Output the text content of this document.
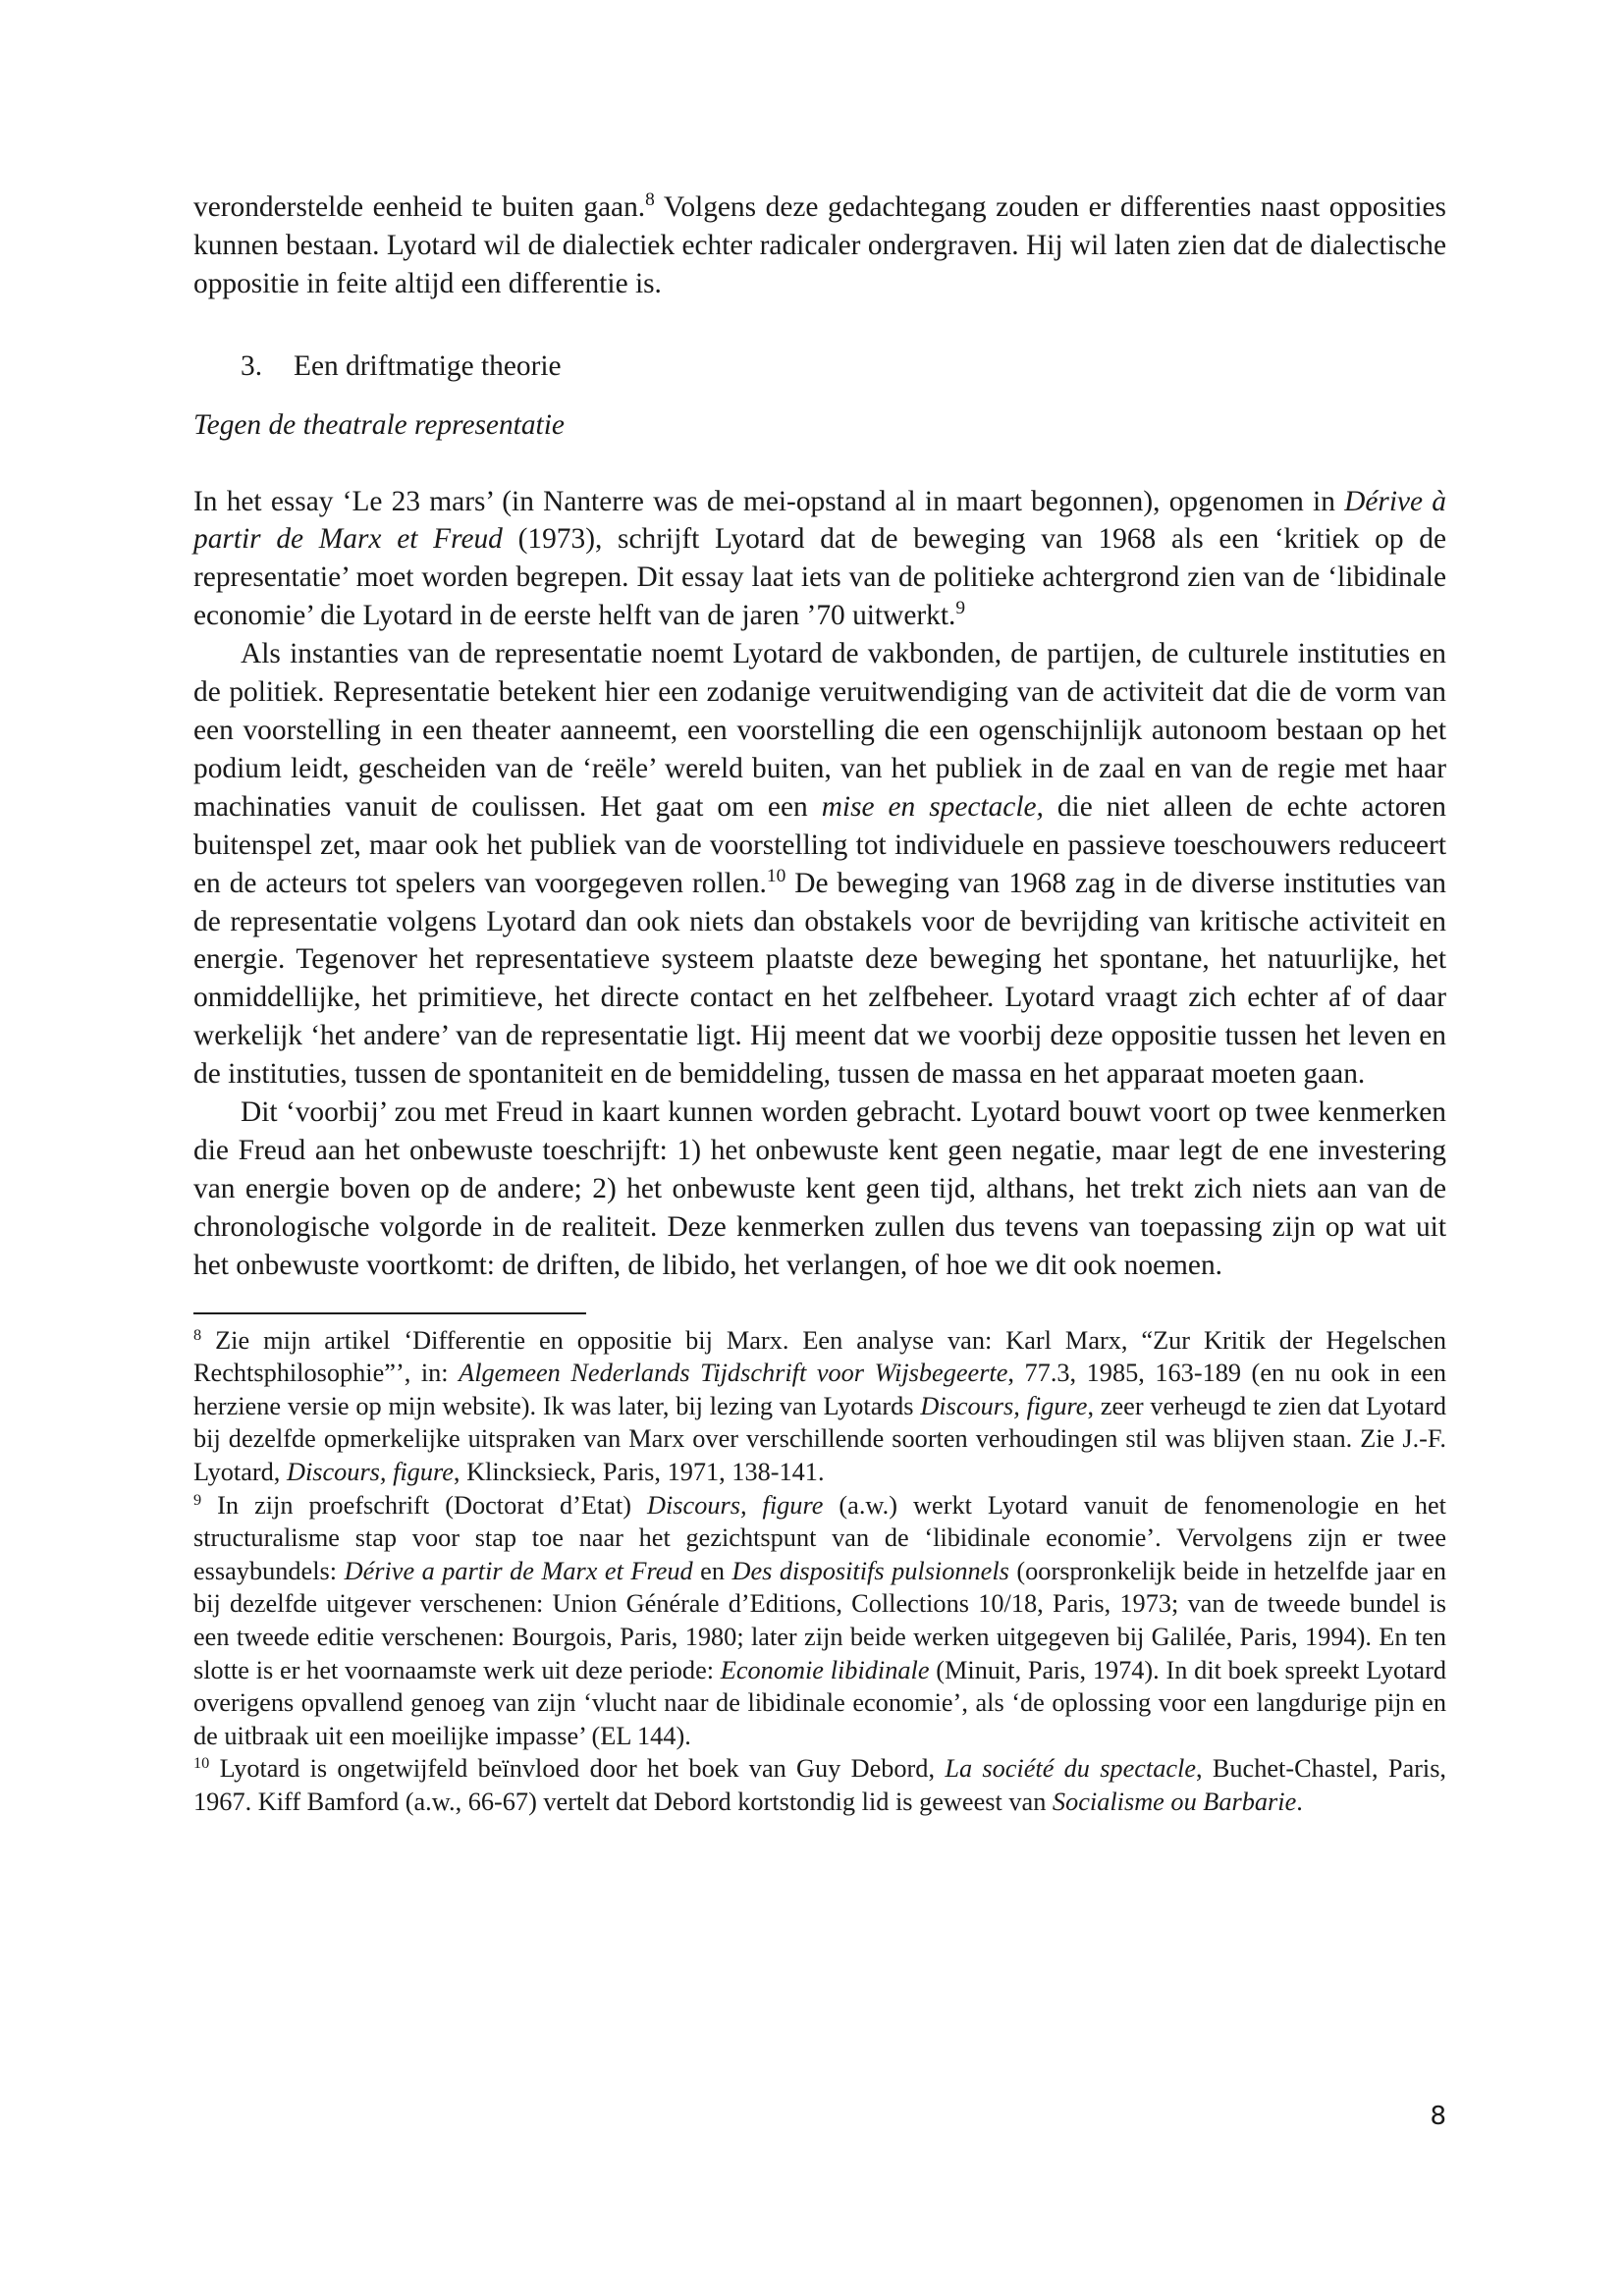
veronderstelde eenheid te buiten gaan.$^8$ Volgens deze gedachtegang zouden er differenties naast opposities kunnen bestaan. Lyotard wil de dialectiek echter radicaler ondergraven. Hij wil laten zien dat de dialectische oppositie in feite altijd een differentie is.

3. Een driftmatige theorie
Tegen de theatrale representatie

In het essay ‘Le 23 mars’ (in Nanterre was de mei-opstand al in maart begonnen), opgenomen in Dérive à partir de Marx et Freud (1973), schrijft Lyotard dat de beweging van 1968 als een ‘kritiek op de representatie’ moet worden begrepen. Dit essay laat iets van de politieke achtergrond zien van de ‘libidinale economie’ die Lyotard in de eerste helft van de jaren ’70 uitwerkt.$^9$

Als instanties van de representatie noemt Lyotard de vakbonden, de partijen, de culturele instituties en de politiek. Representatie betekent hier een zodanige veruitwendiging van de activiteit dat die de vorm van een voorstelling in een theater aanneemt, een voorstelling die een ogenschijnlijk autonoom bestaan op het podium leidt, gescheiden van de ‘reële’ wereld buiten, van het publiek in de zaal en van de regie met haar machinaties vanuit de coulissen. Het gaat om een mise en spectacle, die niet alleen de echte actoren buitenspel zet, maar ook het publiek van de voorstelling tot individuele en passieve toeschouwers reduceert en de acteurs tot spelers van voorgegeven rollen.$^{10}$ De beweging van 1968 zag in de diverse instituties van de representatie volgens Lyotard dan ook niets dan obstakels voor de bevrijding van kritische activiteit en energie. Tegenover het representatieve systeem plaatste deze beweging het spontane, het natuurlijke, het onmiddellijke, het primitieve, het directe contact en het zelfbeheer. Lyotard vraagt zich echter af of daar werkelijk ‘het andere’ van de representatie ligt. Hij meent dat we voorbij deze oppositie tussen het leven en de instituties, tussen de spontaniteit en de bemiddeling, tussen de massa en het apparaat moeten gaan.

Dit ‘voorbij’ zou met Freud in kaart kunnen worden gebracht. Lyotard bouwt voort op twee kenmerken die Freud aan het onbewuste toeschrijft: 1) het onbewuste kent geen negatie, maar legt de ene investering van energie boven op de andere; 2) het onbewuste kent geen tijd, althans, het trekt zich niets aan van de chronologische volgorde in de realiteit. Deze kenmerken zullen dus tevens van toepassing zijn op wat uit het onbewuste voortkomt: de driften, de libido, het verlangen, of hoe we dit ook noemen.

$^8$ Zie mijn artikel ‘Differentie en oppositie bij Marx. Een analyse van: Karl Marx, “Zur Kritik der Hegelschen Rechtsphilosophie”’, in: Algemeen Nederlands Tijdschrift voor Wijsbegeerte, 77.3, 1985, 163-189 (en nu ook in een herziene versie op mijn website). Ik was later, bij lezing van Lyotards Discours, figure, zeer verheugd te zien dat Lyotard bij dezelfde opmerkelijke uitspraken van Marx over verschillende soorten verhoudingen stil was blijven staan. Zie J.-F. Lyotard, Discours, figure, Klincksieck, Paris, 1971, 138-141.

$^9$ In zijn proefschrift (Doctorat d’Etat) Discours, figure (a.w.) werkt Lyotard vanuit de fenomenologie en het structuralisme stap voor stap toe naar het gezichtspunt van de ‘libidinale economie’. Vervolgens zijn er twee essaybundels: Dérive a partir de Marx et Freud en Des dispositifs pulsionnels (oorspronkelijk beide in hetzelfde jaar en bij dezelfde uitgever verschenen: Union Générale d’Editions, Collections 10/18, Paris, 1973; van de tweede bundel is een tweede editie verschenen: Bourgois, Paris, 1980; later zijn beide werken uitgegeven bij Galilée, Paris, 1994). En ten slotte is er het voornaamste werk uit deze periode: Economie libidinale (Minuit, Paris, 1974). In dit boek spreekt Lyotard overigens opvallend genoeg van zijn ‘vlucht naar de libidinale economie’, als ‘de oplossing voor een langdurige pijn en de uitbraak uit een moeilijke impasse’ (EL 144).

$^{10}$ Lyotard is ongetwijfeld beïnvloed door het boek van Guy Debord, La société du spectacle, Buchet-Chastel, Paris, 1967. Kiff Bamford (a.w., 66-67) vertelt dat Debord kortstondig lid is geweest van Socialisme ou Barbarie.

8
